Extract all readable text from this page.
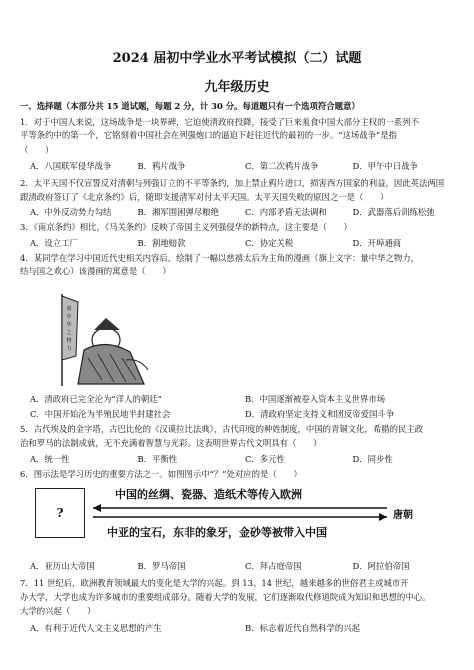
2024 届初中学业水平考试模拟（二）试题
九年级历史
一、选择题（本部分共 15 道试题，每题 2 分，计 30 分。每道题只有一个选项符合题意）
1．对于中国人来说，这场战争是一块界碑，它迫使清政府投降，接受了巨来羞食中国大部分主权的一系列不
平等条约中的第一个，它铭刻着中国社会在列强炮口的逼迫下赶往近代的最初的一步。“这场战争”是指
（　　）
A．八国联军侵华战争	B．鸦片战争	C．第二次鸦片战争	D．甲午中日战争
2．太平天国不仅宣誓反对清朝与列强订立的不平等条约，加上禁止鸦片进口，损害西方国家的利益，因此英法两国
跟清政府签订了《北京条约》后，随即支援清军对付太平天国。太平天国失败的原因之一是（　　）
A．中外反动势力勾结	B．湘军围困弹尽粮绝	C．内部矛盾无法调和	D．武器落后训练松弛
3．《南京条约》相比，《马关条约》反映了帝国主义列强侵华的新特点，这主要是（　　）
A．设立工厂	B．割地赔款	C．协定关税	D．开埠通商
4．某同学在学习中国近代史相关内容后，绘制了一幅以慈禧太后为主角的漫画（旗上文字：量中华之物力，
结与国之欢心）该漫画的寓意是（　　）
量
中
华
之
物
力
A．清政府已完全沦为“洋人的朝廷”	B．中国逐渐被卷入资本主义世界市场
C．中国开始沦为半殖民地半封建社会	D．清政府坚定支持义和团反帝爱国斗争
5．古代埃及的金字塔，古巴比伦的《汉谟拉比法典》，古代印度的种姓制度，中国的青铜文化，希腊的民主政
治和罗马的法制成就，无不充满着智慧与光彩。这表明世界古代文明具有（　　）
A．统一性	B．平衡性	C．多元性	D．同步性
6．图示法是学习历史的重要方法之一。如图图示中“？”处对应的是（　　）
?
中国的丝绸、瓷器、造纸术等传入欧洲
唐朝
中亚的宝石，东非的象牙，金砂等被带入中国
A．亚历山大帝国	B．罗马帝国	C．拜占庭帝国	D．阿拉伯帝国
7．11 世纪后，欧洲教育领域最大的变化是大学的兴起。到 13、14 世纪，越来越多的世俗君主或城市开
办大学，大学也成为许多城市的重要组成部分。随着大学的发展，它们逐渐取代修道院成为知识和思想的中心。
大学的兴起（　　）
A．有利于近代人文主义思想的产生	B．标志着近代自然科学的兴起
